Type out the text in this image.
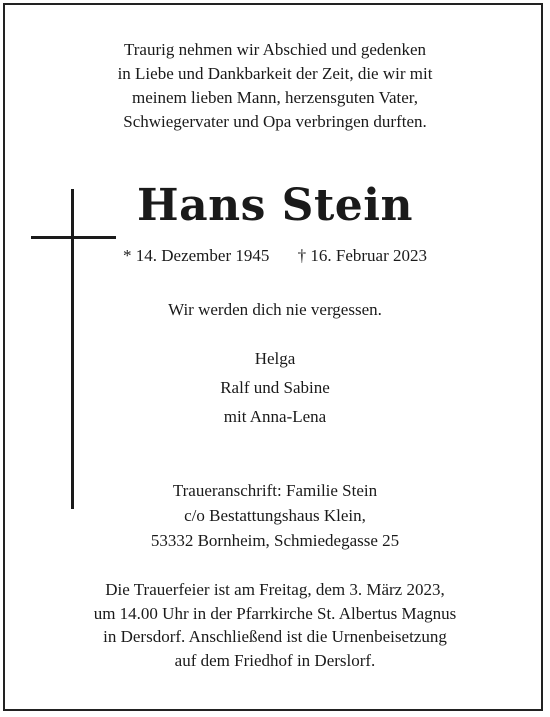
Traurig nehmen wir Abschied und gedenken
in Liebe und Dankbarkeit der Zeit, die wir mit
meinem lieben Mann, herzensguten Vater,
Schwiegervater und Opa verbringen durften.
Hans Stein
* 14. Dezember 1945 † 16. Februar 2023
Wir werden dich nie vergessen.
Helga
Ralf und Sabine
mit Anna-Lena
Traueranschrift: Familie Stein
c/o Bestattungshaus Klein,
53332 Bornheim, Schmiedegasse 25
Die Trauerfeier ist am Freitag, dem 3. März 2023,
um 14.00 Uhr in der Pfarrkirche St. Albertus Magnus
in Dersdorf. Anschließend ist die Urnenbeisetzung
auf dem Friedhof in Derslorf.
